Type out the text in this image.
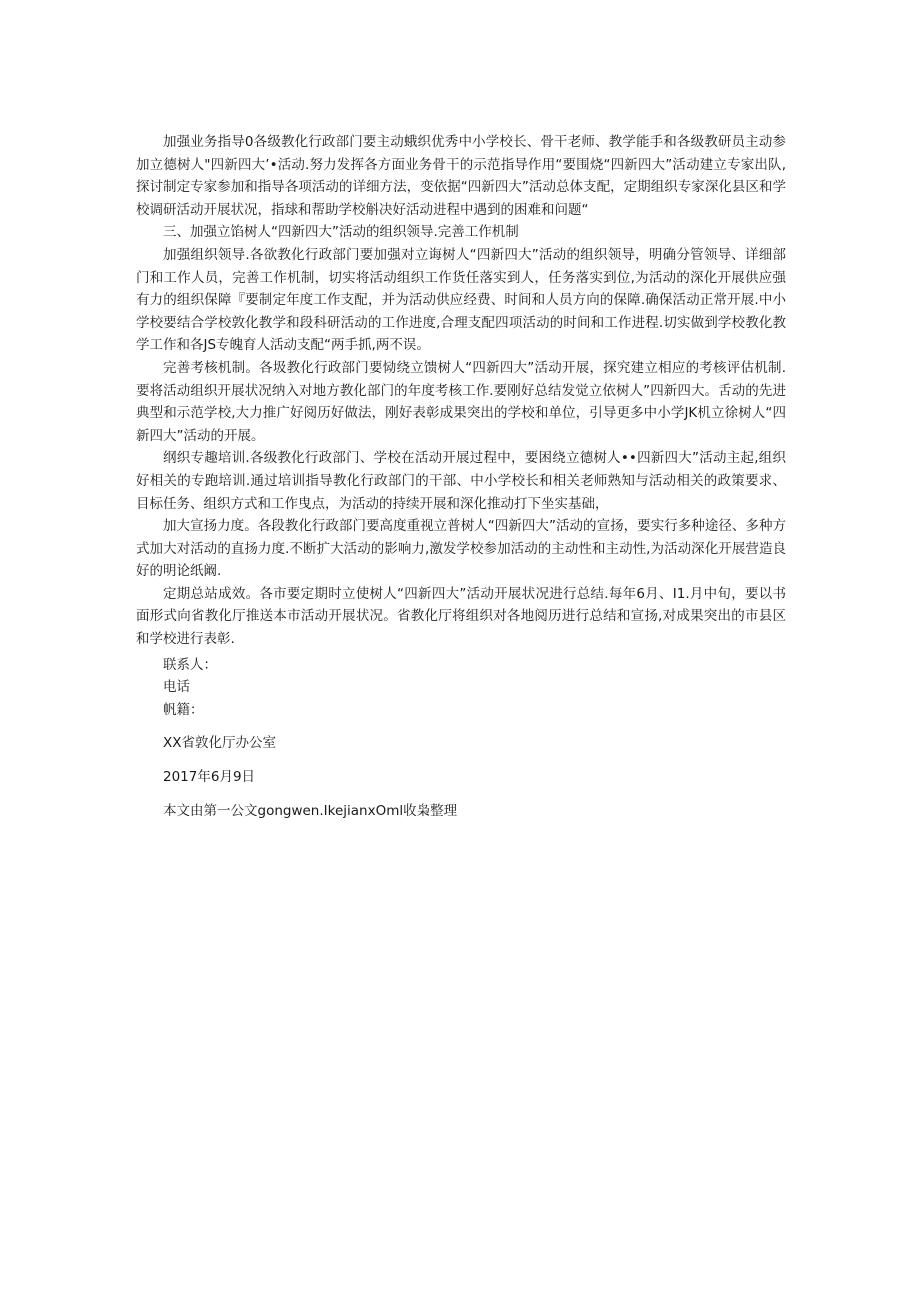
加强业务指导0各级教化行政部门要主动蛾织优秀中小学校长、骨干老师、教学能手和各级教研员主动参加立德树人"四新四大’•活动.努力发挥各方面业务骨干的示范指导作用“要围烧“四新四大”活动建立专家出队,探讨制定专家参加和指导各项活动的详细方法，变依据“四新四大”活动总体支配，定期组织专家深化县区和学校调研活动开展状况，指球和帮助学校斛决好活动进程中遇到的困难和问题“

三、加强立馅树人“四新四大”活动的组织领导.完善工作机制

加强组织领导.各欲教化行政部门要加强对立诲树人“四新四大”活动的组织领导，明确分管领导、详细部门和工作人员，完善工作机制，切实将活动组织工作货任落实到人，任务落实到位,为活动的深化开展供应强有力的组织保障『要制定年度工作支配，并为活动供应经费、时间和人员方向的保障.确保活动正常开展.中小学校要结合学校敦化教学和段科研活动的工作进度,合理支配四项活动的时间和工作进程.切实做到学校教化教学工作和各JS专魄育人活动支配“两手抓,两不误。

完善考核机制。各圾教化行政部门要恸绕立馈树人“四新四大”活动开展，探究建立相应的考核评估机制.要将活动组织开展状况纳入对地方教化部门的年度考核工作.要刚好总结发觉立依树人”四新四大。舌动的先进典型和示范学校,大力推广好阅历好做法，刚好表彰成果突出的学校和单位，引导更多中小学JK机立徐树人“四新四大”活动的开展。

纲织专趣培训.各级教化行政部门、学校在活动开展过程中，要困绕立德树人••四新四大”活动主起,组织好相关的专跑培训.通过培训指导教化行政部门的干部、中小学校长和相关老师熟知与活动相关的政策要求、目标任务、组织方式和工作曳点，为活动的持续开展和深化推动打下坐实基础，

加大宣扬力度。各段教化行政部门要高度重视立普树人“四新四大”活动的宣扬，要实行多种途径、多种方式加大对活动的直扬力度.不断扩大活动的影响力,激发学校参加活动的主动性和主动性,为活动深化开展营造良好的明论纸阚.

定期总站成效。各市要定期时立使树人“四新四大”活动开展状况进行总结.每年6月、I1.月中旬，要以书面形式向省教化厅推送本市活动开展状况。省教化厅将组织对各地阅历进行总结和宣扬,对成果突出的市县区和学校进行表彰.

联系人：

电话

帆籍：

XX省敦化厅办公室

2017年6月9日

本文由第一公文gongwen.IkejianxOml收枭整理
